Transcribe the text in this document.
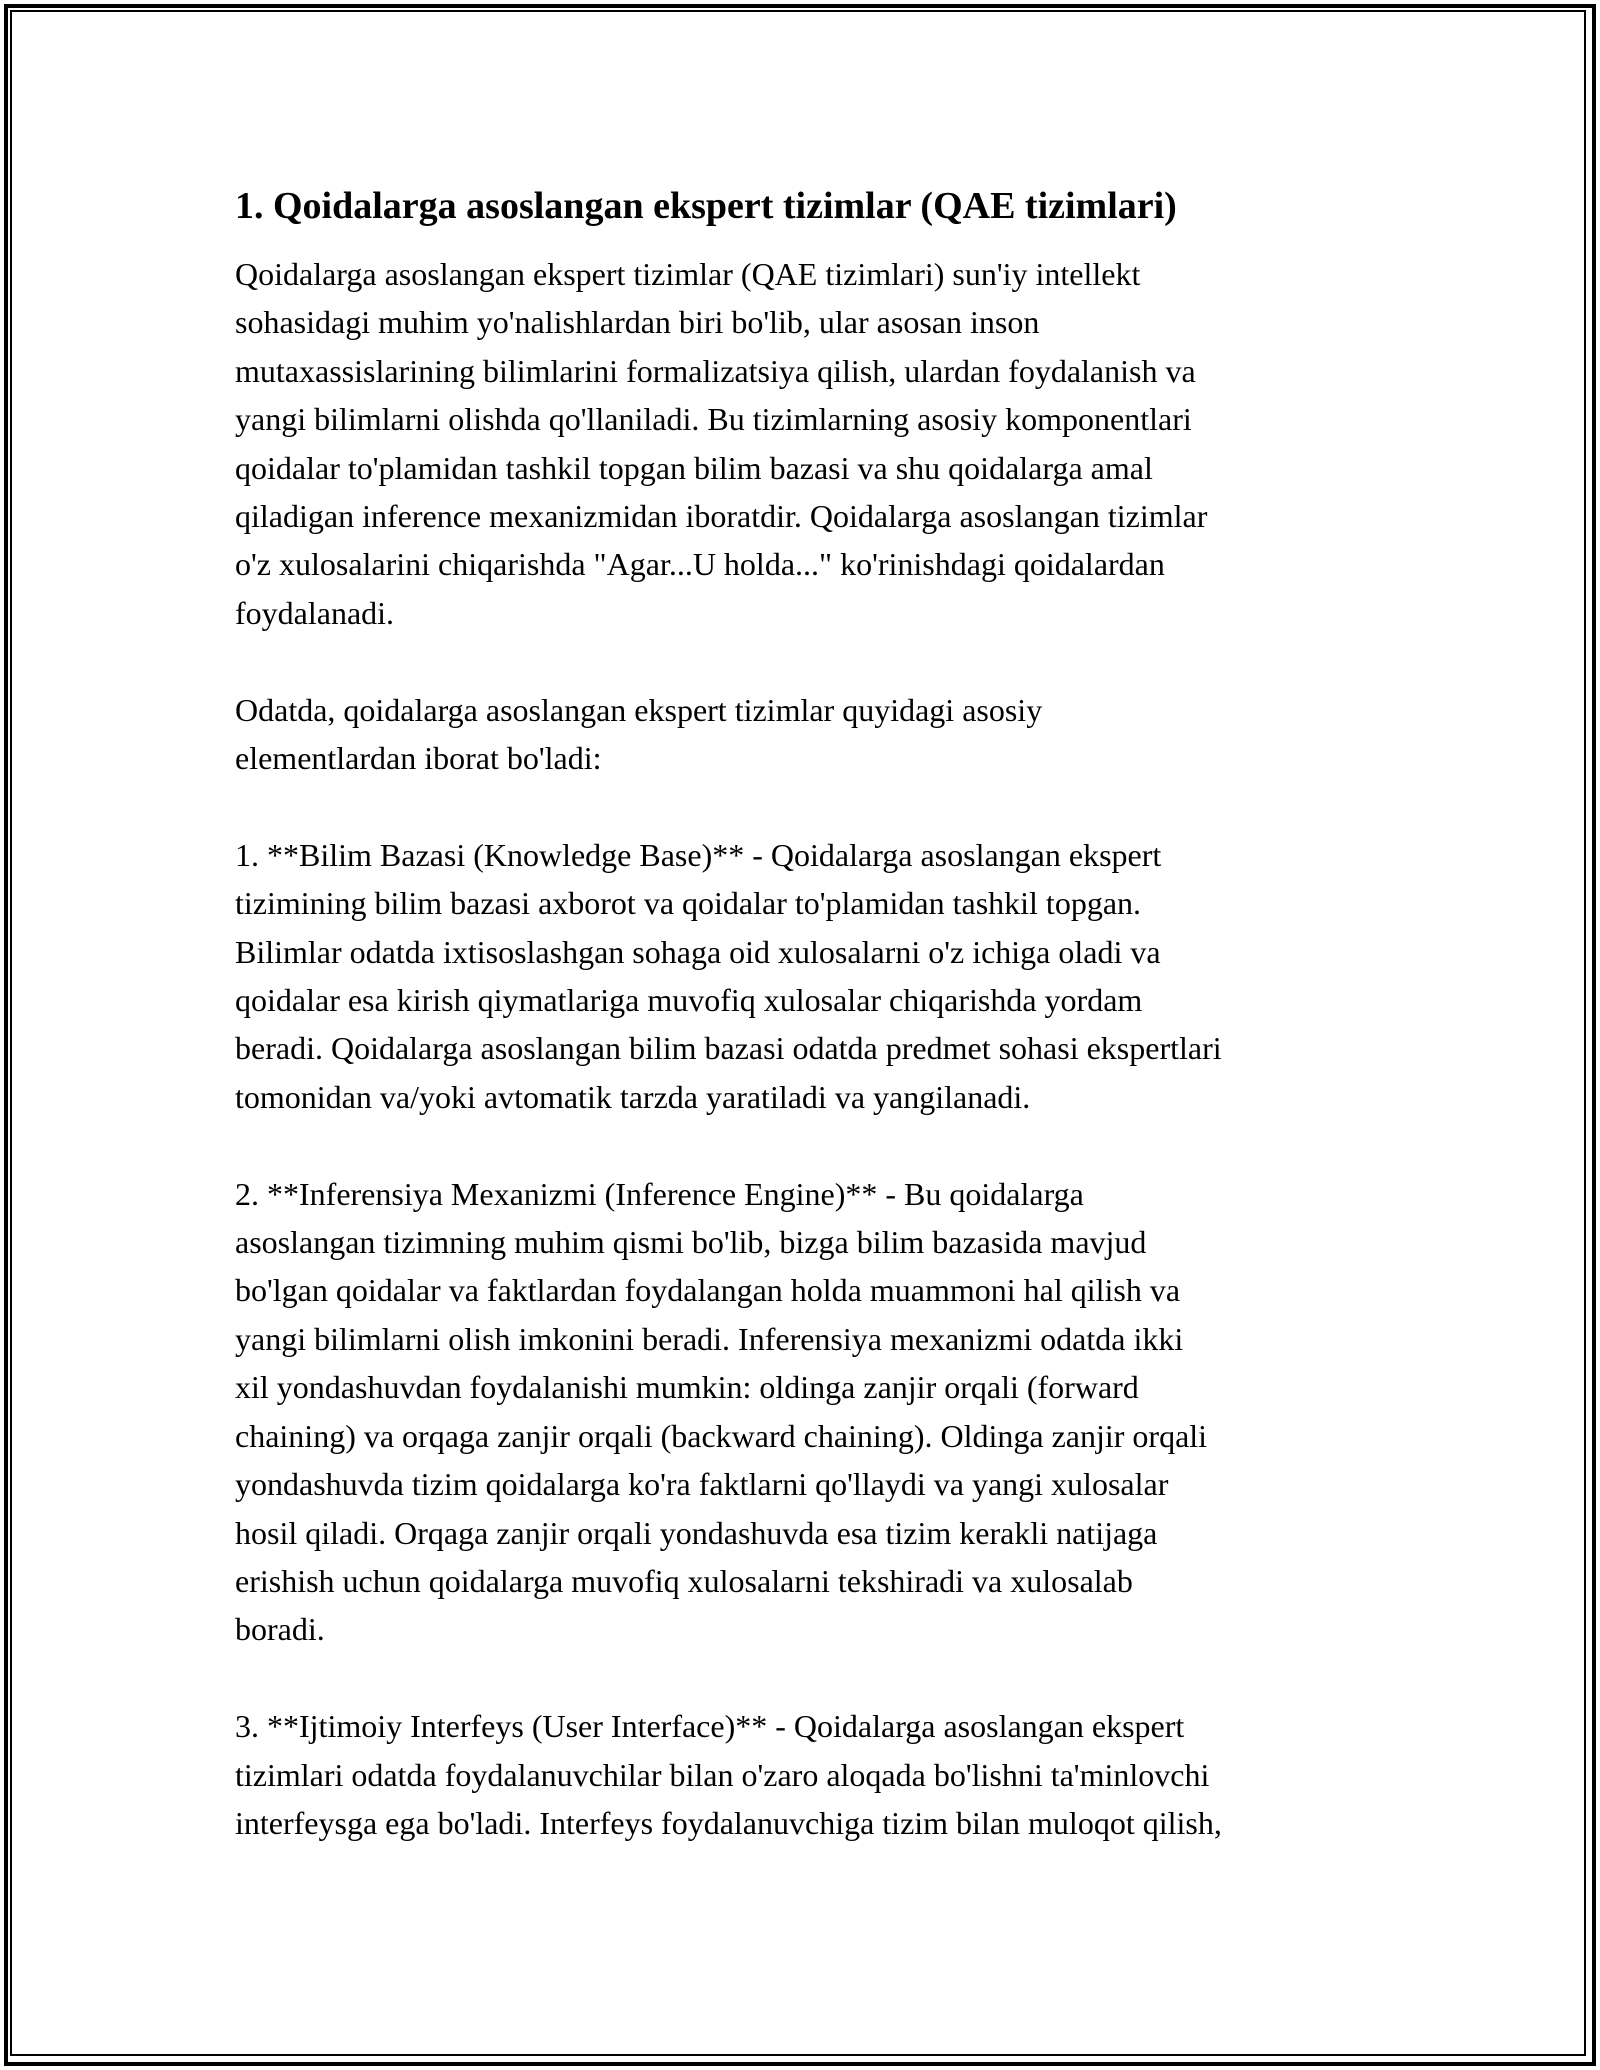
1. Qoidalarga asoslangan ekspert tizimlar (QAE tizimlari)

Qoidalarga asoslangan ekspert tizimlar (QAE tizimlari) sun'iy intellekt
sohasidagi muhim yo'nalishlardan biri bo'lib, ular asosan inson
mutaxassislarining bilimlarini formalizatsiya qilish, ulardan foydalanish va
yangi bilimlarni olishda qo'llaniladi. Bu tizimlarning asosiy komponentlari
qoidalar to'plamidan tashkil topgan bilim bazasi va shu qoidalarga amal
qiladigan inference mexanizmidan iboratdir. Qoidalarga asoslangan tizimlar
o'z xulosalarini chiqarishda "Agar...U holda..." ko'rinishdagi qoidalardan
foydalanadi.

Odatda, qoidalarga asoslangan ekspert tizimlar quyidagi asosiy
elementlardan iborat bo'ladi:

1. **Bilim Bazasi (Knowledge Base)** - Qoidalarga asoslangan ekspert
tizimining bilim bazasi axborot va qoidalar to'plamidan tashkil topgan.
Bilimlar odatda ixtisoslashgan sohaga oid xulosalarni o'z ichiga oladi va
qoidalar esa kirish qiymatlariga muvofiq xulosalar chiqarishda yordam
beradi. Qoidalarga asoslangan bilim bazasi odatda predmet sohasi ekspertlari
tomonidan va/yoki avtomatik tarzda yaratiladi va yangilanadi.

2. **Inferensiya Mexanizmi (Inference Engine)** - Bu qoidalarga
asoslangan tizimning muhim qismi bo'lib, bizga bilim bazasida mavjud
bo'lgan qoidalar va faktlardan foydalangan holda muammoni hal qilish va
yangi bilimlarni olish imkonini beradi. Inferensiya mexanizmi odatda ikki
xil yondashuvdan foydalanishi mumkin: oldinga zanjir orqali (forward
chaining) va orqaga zanjir orqali (backward chaining). Oldinga zanjir orqali
yondashuvda tizim qoidalarga ko'ra faktlarni qo'llaydi va yangi xulosalar
hosil qiladi. Orqaga zanjir orqali yondashuvda esa tizim kerakli natijaga
erishish uchun qoidalarga muvofiq xulosalarni tekshiradi va xulosalab
boradi.

3. **Ijtimoiy Interfeys (User Interface)** - Qoidalarga asoslangan ekspert
tizimlari odatda foydalanuvchilar bilan o'zaro aloqada bo'lishni ta'minlovchi
interfeysga ega bo'ladi. Interfeys foydalanuvchiga tizim bilan muloqot qilish,
